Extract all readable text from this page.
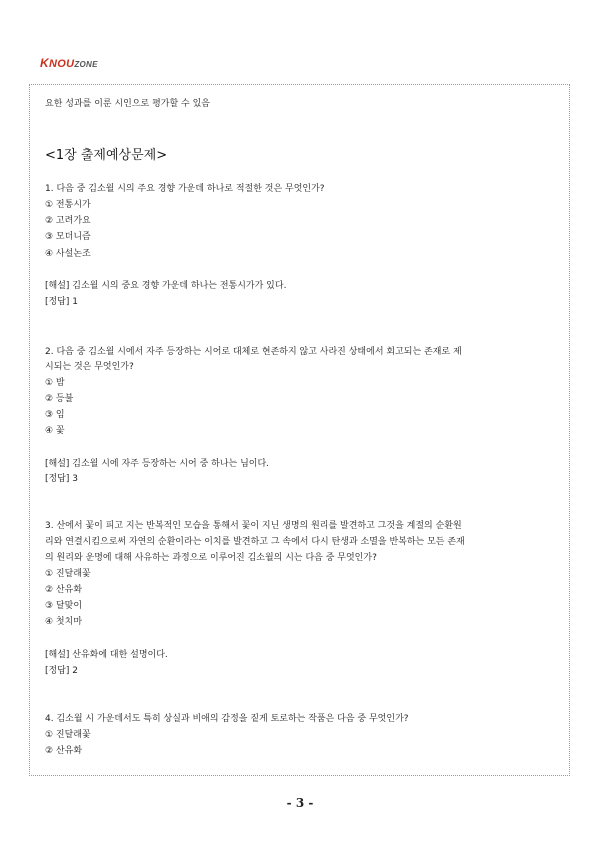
KNOUZONE
요한 성과를 이룬 시인으로 평가할 수 있음
<1장 출제예상문제>
1. 다음 중 김소월 시의 주요 경향 가운데 하나로 적절한 것은 무엇인가?
① 전통시가
② 고려가요
③ 모더니즘
④ 사설논조
[해설] 김소월 시의 중요 경향 가운데 하나는 전통시가가 있다.
[정답] 1
2. 다음 중 김소월 시에서 자주 등장하는 시어로 대체로 현존하지 않고 사라진 상태에서 회고되는 존재로 제
시되는 것은 무엇인가?
① 밤
② 등불
③ 임
④ 꽃
[해설] 김소월 시에 자주 등장하는 시어 중 하나는 님이다.
[정답] 3
3. 산에서 꽃이 피고 지는 반복적인 모습을 통해서 꽃이 지닌 생명의 원리를 발견하고 그것을 계절의 순환원
리와 연결시킴으로써 자연의 순환이라는 이치를 발견하고 그 속에서 다시 탄생과 소멸을 반복하는 모든 존재
의 원리와 운명에 대해 사유하는 과정으로 이루어진 김소월의 시는 다음 중 무엇인가?
① 진달래꽃
② 산유화
③ 달맞이
④ 첫치마
[해설] 산유화에 대한 설명이다.
[정답] 2
4. 김소월 시 가운데서도 특히 상실과 비애의 감정을 짙게 토로하는 작품은 다음 중 무엇인가?
① 진달래꽃
② 산유화
- 3 -
